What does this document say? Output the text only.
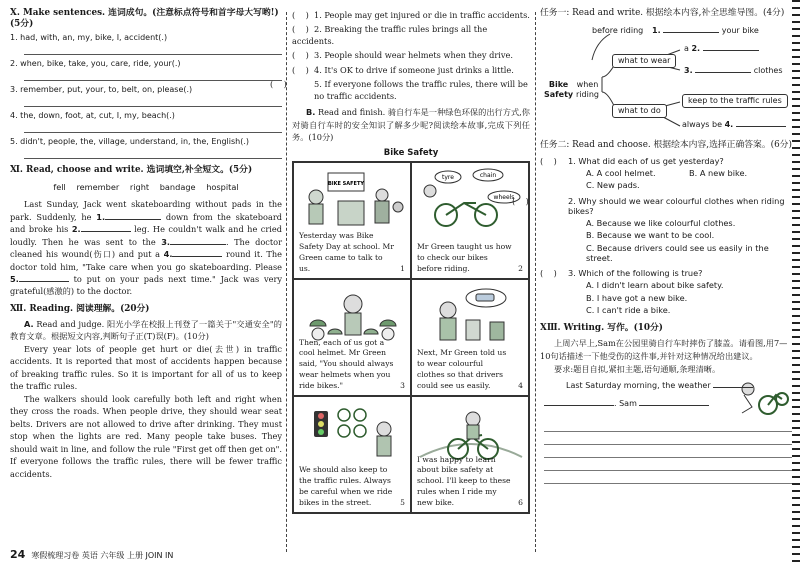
Ⅹ. Make sentences. 连词成句。(注意标点符号和首字母大写哟!)(5分)
1. had, with, an, my, bike, I, accident(.)
2. when, bike, take, you, care, ride, your(.)
3. remember, put, your, to, belt, on, please(.)
4. the, down, foot, at, cut, I, my, beach(.)
5. didn't, people, the, village, understand, in, the, English(.)
Ⅺ. Read, choose and write. 选词填空,补全短文。(5分)
fell remember right bandage hospital
Last Sunday, Jack went skateboarding without pads in the park. Suddenly, he 1.	down from the skateboard and broke his 2.	leg. He couldn't walk and he cried loudly. Then he was sent to the 3.	. The doctor cleaned his wound(伤口) and put a 4.	round it. The doctor told him, "Take care when you go skateboarding. Please 5.	to put on your pads next time." Jack was very grateful(感激的) to the doctor.
Ⅻ. Reading. 阅读理解。(20分)
A. Read and judge. 阳光小学在校报上刊登了一篇关于"交通安全"的教育文章。根据短文内容,判断句子正(T)误(F)。(10分)
Every year lots of people get hurt or die(去世) in traffic accidents. It is reported that most of accidents happen because of breaking traffic rules. So it is important for all of us to keep the traffic rules.
The walkers should look carefully both left and right when they cross the roads. When people drive, they should wear seat belts. Drivers are not allowed to drive after drinking. They must stop when the lights are red. Many people take buses. They should wait in line, and follow the rule "First get off then get on". If everyone follows the traffic rules, there will be fewer traffic accidents.
(    ) 1. People may get injured or die in traffic accidents.
(    ) 2. Breaking the traffic rules brings all the accidents.
(    ) 3. People should wear helmets when they drive.
(    ) 4. It's OK to drive if someone just drinks a little.
(    )	5. If everyone follows the traffic rules, there will be no traffic accidents.
B. Read and finish. 骑自行车是一种绿色环保的出行方式,你对骑自行车时的安全知识了解多少呢?阅读绘本故事,完成下列任务。(10分)
Bike Safety
BIKE SAFETY
Yesterday was Bike Safety Day at school. Mr Green came to talk to us.	1
tyre	chain
wheels
Mr Green taught us how to check our bikes before riding.	2
Then, each of us got a cool helmet. Mr Green said, "You should always wear helmets when you ride bikes."	3
Next, Mr Green told us to wear colourful clothes so that drivers could see us easily.	4
We should also keep to the traffic rules. Always be careful when we ride bikes in the street.	5
I was happy to learn about bike safety at school. I'll keep to these rules when I ride my new bike.	6
任务一: Read and write. 根据绘本内容,补全思维导图。(4分)
before riding 1.	your bike
Bike
Safety
when
riding
what to wear
a 2.
3.	clothes
what to do
keep to the traffic rules
always be 4.
任务二: Read and choose. 根据绘本内容,选择正确答案。(6分)
(    ) 1. What did each of us get yesterday?
A. A cool helmet.	B. A new bike.
C. New pads.
(    )	2. Why should we wear colourful clothes when riding bikes?
A. Because we like colourful clothes.
B. Because we want to be cool.
C. Because drivers could see us easily in the street.
(    ) 3. Which of the following is true?
A. I didn't learn about bike safety.
B. I have got a new bike.
C. I can't ride a bike.
ⅩⅢ. Writing. 写作。(10分)
上周六早上,Sam在公园里骑自行车时摔伤了膝盖。请看图,用7—10句话描述一下他受伤的这件事,并针对这种情况给出建议。
要求:题目自拟,紧扣主题,语句通顺,条理清晰。
Last Saturday morning, the weather
. Sam
24 寒假梳理习卷 英语 六年级 上册 JOIN IN
